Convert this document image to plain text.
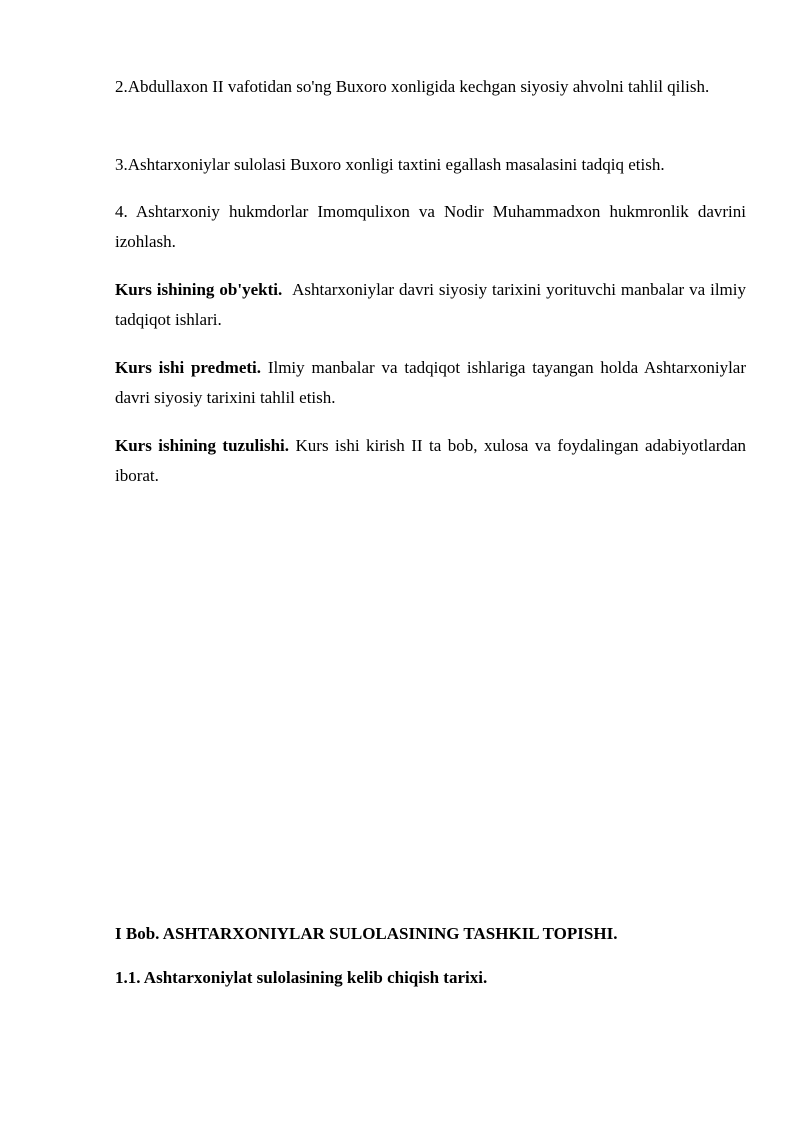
2.Abdullaxon II vafotidan so'ng Buxoro xonligida kechgan siyosiy ahvolni tahlil qilish.

3.Ashtarxoniylar sulolasi Buxoro xonligi taxtini egallash masalasini tadqiq etish.

4. Ashtarxoniy hukmdorlar Imomqulixon va Nodir Muhammadxon hukmronlik davrini izohlash.

Kurs ishining ob'yekti. Ashtarxoniylar davri siyosiy tarixini yorituvchi manbalar va ilmiy tadqiqot ishlari.

Kurs ishi predmeti. Ilmiy manbalar va tadqiqot ishlariga tayangan holda Ashtarxoniylar davri siyosiy tarixini tahlil etish.

Kurs ishining tuzulishi. Kurs ishi kirish II ta bob, xulosa va foydalingan adabiyotlardan iborat.

I Bob. ASHTARXONIYLAR SULOLASINING TASHKIL TOPISHI.

1.1. Ashtarxoniylat sulolasining kelib chiqish tarixi.
